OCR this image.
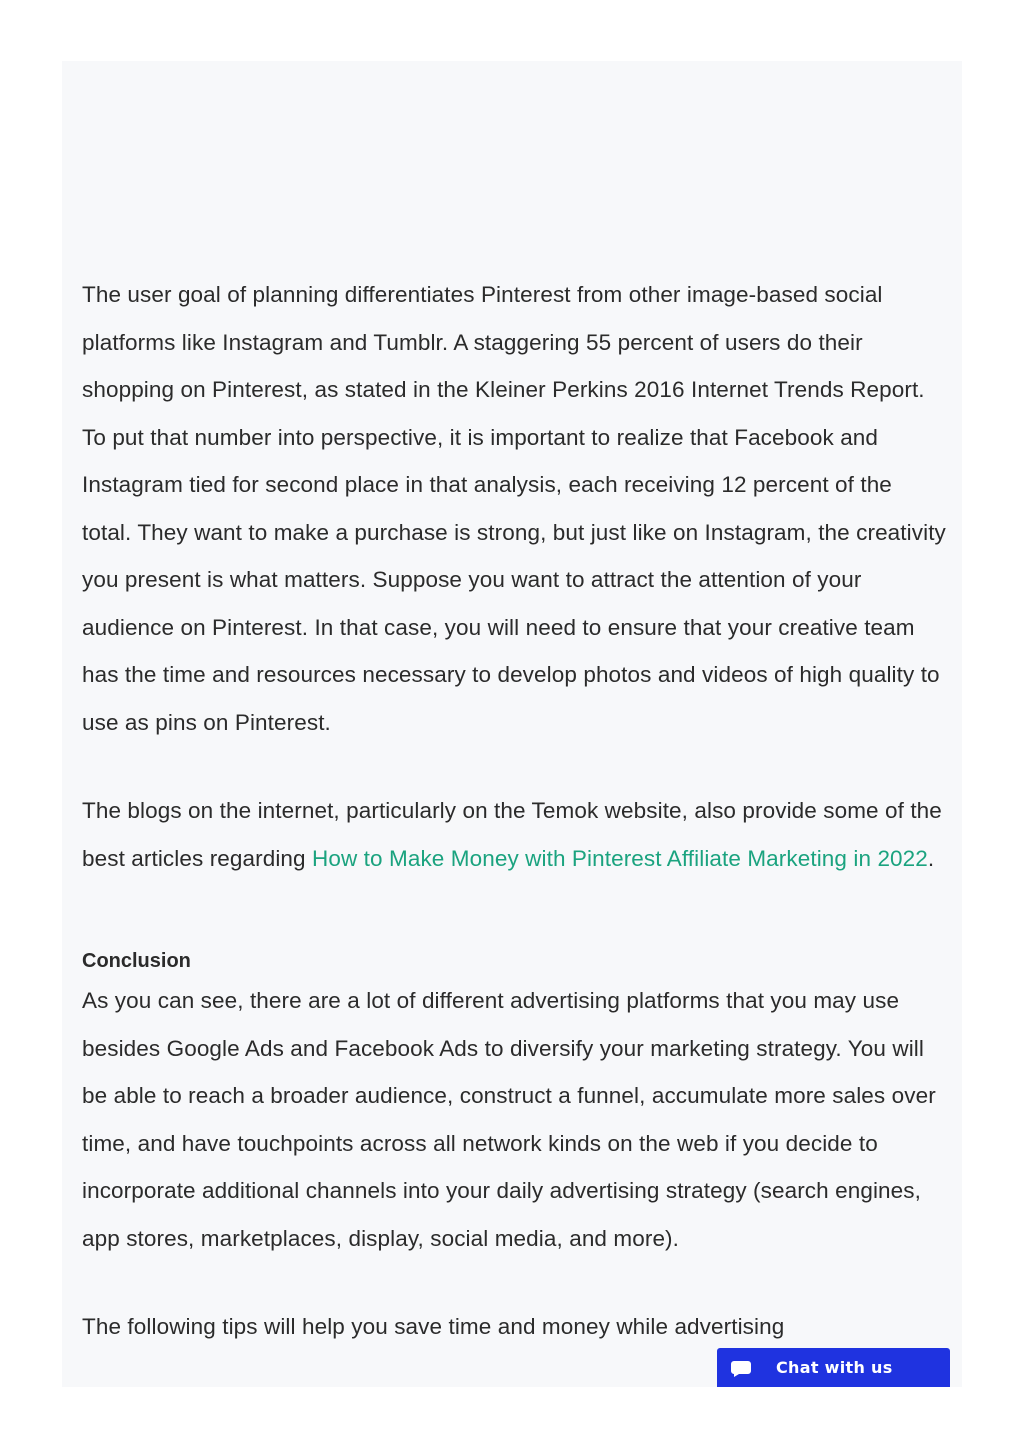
The user goal of planning differentiates Pinterest from other image-based social platforms like Instagram and Tumblr. A staggering 55 percent of users do their shopping on Pinterest, as stated in the Kleiner Perkins 2016 Internet Trends Report. To put that number into perspective, it is important to realize that Facebook and Instagram tied for second place in that analysis, each receiving 12 percent of the total. They want to make a purchase is strong, but just like on Instagram, the creativity you present is what matters. Suppose you want to attract the attention of your audience on Pinterest. In that case, you will need to ensure that your creative team has the time and resources necessary to develop photos and videos of high quality to use as pins on Pinterest.

The blogs on the internet, particularly on the Temok website, also provide some of the best articles regarding How to Make Money with Pinterest Affiliate Marketing in 2022.

Conclusion

As you can see, there are a lot of different advertising platforms that you may use besides Google Ads and Facebook Ads to diversify your marketing strategy. You will be able to reach a broader audience, construct a funnel, accumulate more sales over time, and have touchpoints across all network kinds on the web if you decide to incorporate additional channels into your daily advertising strategy (search engines, app stores, marketplaces, display, social media, and more).

The following tips will help you save time and money while advertising

Chat with us
